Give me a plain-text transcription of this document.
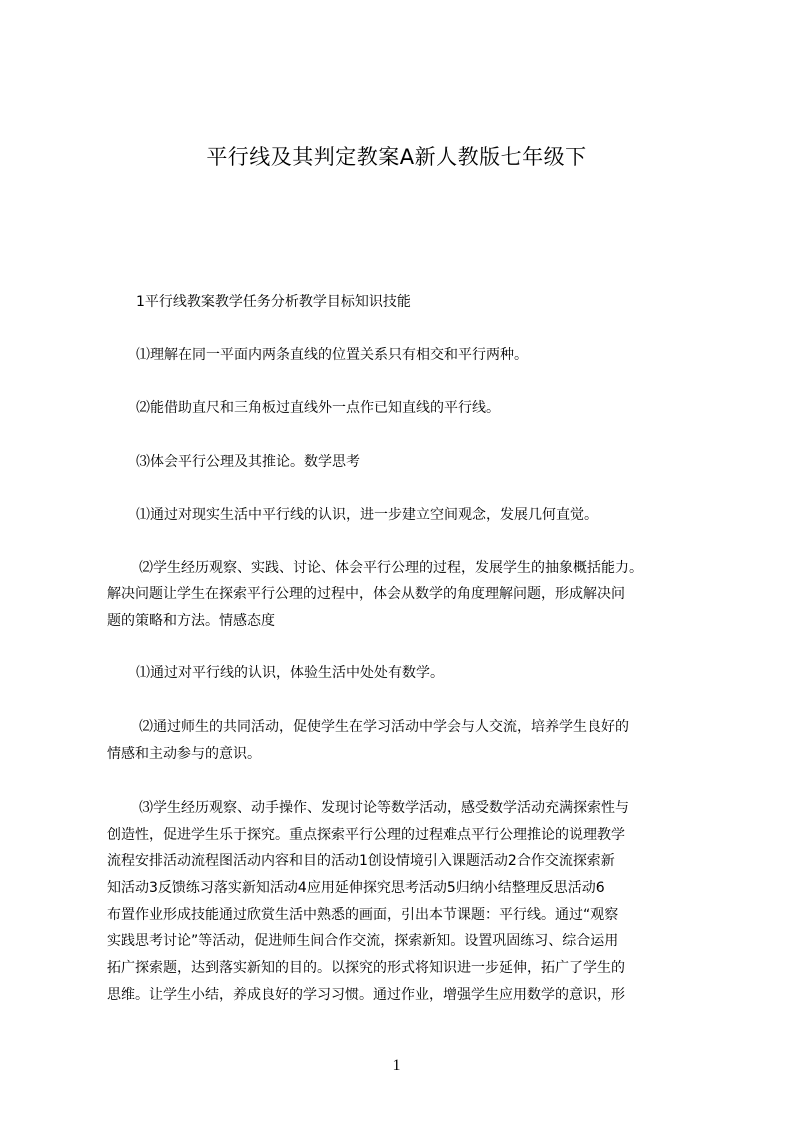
平行线及其判定教案A新人教版七年级下
1平行线教案教学任务分析教学目标知识技能
⑴理解在同一平面内两条直线的位置关系只有相交和平行两种。
⑵能借助直尺和三角板过直线外一点作已知直线的平行线。
⑶体会平行公理及其推论。数学思考
⑴通过对现实生活中平行线的认识，进一步建立空间观念，发展几何直觉。
⑵学生经历观察、实践、讨论、体会平行公理的过程，发展学生的抽象概括能力。
解决问题让学生在探索平行公理的过程中，体会从数学的角度理解问题，形成解决问
题的策略和方法。情感态度
⑴通过对平行线的认识，体验生活中处处有数学。
⑵通过师生的共同活动，促使学生在学习活动中学会与人交流，培养学生良好的
情感和主动参与的意识。
⑶学生经历观察、动手操作、发现讨论等数学活动，感受数学活动充满探索性与
创造性，促进学生乐于探究。重点探索平行公理的过程难点平行公理推论的说理教学
流程安排活动流程图活动内容和目的活动1创设情境引入课题活动2合作交流探索新
知活动3反馈练习落实新知活动4应用延伸探究思考活动5归纳小结整理反思活动6
布置作业形成技能通过欣赏生活中熟悉的画面，引出本节课题：平行线。通过“观察
实践思考讨论”等活动，促进师生间合作交流，探索新知。设置巩固练习、综合运用
拓广探索题，达到落实新知的目的。以探究的形式将知识进一步延伸，拓广了学生的
思维。让学生小结，养成良好的学习习惯。通过作业，增强学生应用数学的意识，形
1
